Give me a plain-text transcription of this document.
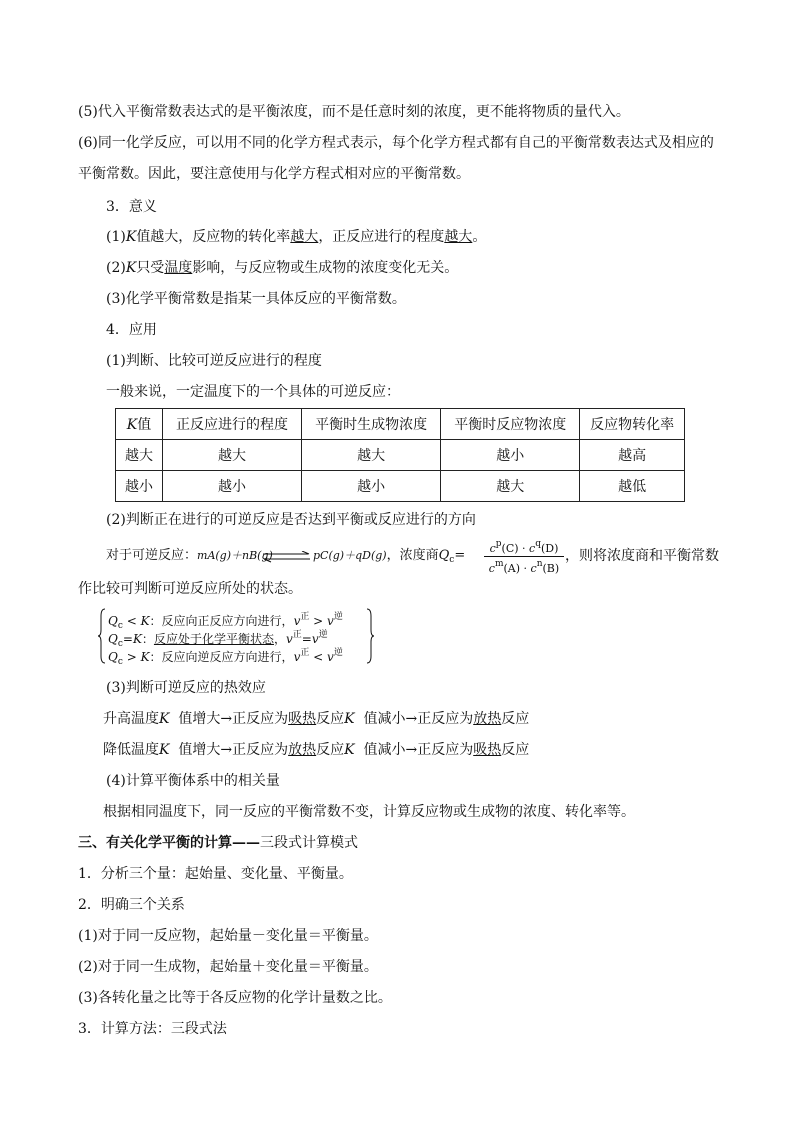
(5)代入平衡常数表达式的是平衡浓度，而不是任意时刻的浓度，更不能将物质的量代入。
(6)同一化学反应，可以用不同的化学方程式表示，每个化学方程式都有自己的平衡常数表达式及相应的
平衡常数。因此，要注意使用与化学方程式相对应的平衡常数。
3．意义
(1)K值越大，反应物的转化率越大，正反应进行的程度越大。
(2)K只受温度影响，与反应物或生成物的浓度变化无关。
(3)化学平衡常数是指某一具体反应的平衡常数。
4．应用
(1)判断、比较可逆反应进行的程度
一般来说，一定温度下的一个具体的可逆反应：
K值	正反应进行的程度	平衡时生成物浓度	平衡时反应物浓度	反应物转化率
越大	越大	越大	越小	越高
越小	越小	越小	越大	越低
(2)判断正在进行的可逆反应是否达到平衡或反应进行的方向
对于可逆反应：mA(g)＋nB(g) ⇌ pC(g)＋qD(g)，浓度商$Q_c= \frac{c^p(C) \cdot c^q(D)}{c^m(A) \cdot c^n(B)}$ ，则将浓度商和平衡常数
作比较可判断可逆反应所处的状态。
$Q_c < K$：反应向正反应方向进行，$v^正 > v^逆$
$Q_c=K$：反应处于化学平衡状态，$v^正=v^逆$
$Q_c > K$：反应向逆反应方向进行，$v^正 < v^逆$
(3)判断可逆反应的热效应
升高温度K 值增大→正反应为吸热反应K 值减小→正反应为放热反应
降低温度K 值增大→正反应为放热反应K 值减小→正反应为吸热反应
(4)计算平衡体系中的相关量
根据相同温度下，同一反应的平衡常数不变，计算反应物或生成物的浓度、转化率等。
三、有关化学平衡的计算——三段式计算模式
1．分析三个量：起始量、变化量、平衡量。
2．明确三个关系
(1)对于同一反应物，起始量－变化量＝平衡量。
(2)对于同一生成物，起始量＋变化量＝平衡量。
(3)各转化量之比等于各反应物的化学计量数之比。
3．计算方法：三段式法
